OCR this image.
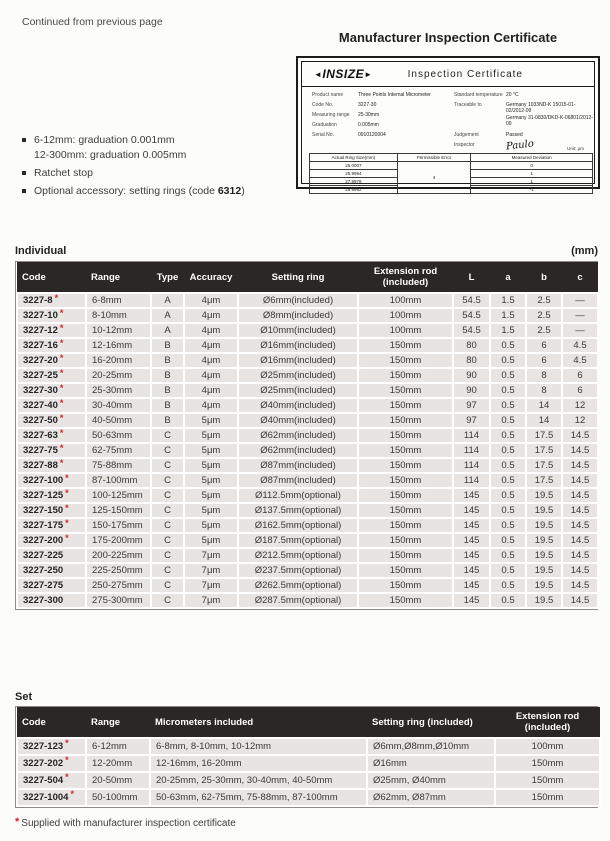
Continued from previous page
Manufacturer Inspection Certificate
◄INSIZE►	Inspection Certificate
Product name	Three Points Internal Micrometer
Code No.	3227-30
Measuring range	25-30mm
Graduation	0.005mm
Serial No.	0910120004
Standard temperature 20 °C
Traceable to	Germany 1033ND-K 15015-01-02/2012-09
Germany 31-0830/DKD-K-06801/2012-09
Judgement	Passed
Inspector	Paulo	Unit: μm
Actual Ring Size(mm)	Permissible Error	Measured Deviation
25.0007	4	0
25.9994		1
27.9978		1
29.9992		-1
6-12mm: graduation 0.001mm
12-300mm: graduation 0.005mm
Ratchet stop
Optional accessory: setting rings (code 6312)
Individual	(mm)
Code	Range	Type	Accuracy	Setting ring	Extension rod
(included)	L	a	b	c

3227-8 *	6-8mm	A	4μm	Ø6mm(included)	100mm	54.5	1.5	2.5	—
3227-10 *	8-10mm	A	4μm	Ø8mm(included)	100mm	54.5	1.5	2.5	—
3227-12 *	10-12mm	A	4μm	Ø10mm(included)	100mm	54.5	1.5	2.5	—
3227-16 *	12-16mm	B	4μm	Ø16mm(included)	150mm	80	0.5	6	4.5
3227-20 *	16-20mm	B	4μm	Ø16mm(included)	150mm	80	0.5	6	4.5
3227-25 *	20-25mm	B	4μm	Ø25mm(included)	150mm	90	0.5	8	6
3227-30 *	25-30mm	B	4μm	Ø25mm(included)	150mm	90	0.5	8	6
3227-40 *	30-40mm	B	4μm	Ø40mm(included)	150mm	97	0.5	14	12
3227-50 *	40-50mm	B	5μm	Ø40mm(included)	150mm	97	0.5	14	12
3227-63 *	50-63mm	C	5μm	Ø62mm(included)	150mm	114	0.5	17.5	14.5
3227-75 *	62-75mm	C	5μm	Ø62mm(included)	150mm	114	0.5	17.5	14.5
3227-88 *	75-88mm	C	5μm	Ø87mm(included)	150mm	114	0.5	17.5	14.5
3227-100 *	87-100mm	C	5μm	Ø87mm(included)	150mm	114	0.5	17.5	14.5
3227-125 *	100-125mm	C	5μm	Ø112.5mm(optional)	150mm	145	0.5	19.5	14.5
3227-150 *	125-150mm	C	5μm	Ø137.5mm(optional)	150mm	145	0.5	19.5	14.5
3227-175 *	150-175mm	C	5μm	Ø162.5mm(optional)	150mm	145	0.5	19.5	14.5
3227-200 *	175-200mm	C	5μm	Ø187.5mm(optional)	150mm	145	0.5	19.5	14.5
3227-225	200-225mm	C	7μm	Ø212.5mm(optional)	150mm	145	0.5	19.5	14.5
3227-250	225-250mm	C	7μm	Ø237.5mm(optional)	150mm	145	0.5	19.5	14.5
3227-275	250-275mm	C	7μm	Ø262.5mm(optional)	150mm	145	0.5	19.5	14.5
3227-300	275-300mm	C	7μm	Ø287.5mm(optional)	150mm	145	0.5	19.5	14.5
Set
Code	Range	Micrometers included	Setting ring (included)	Extension rod
(included)

3227-123 *	6-12mm	6-8mm, 8-10mm, 10-12mm	Ø6mm,Ø8mm,Ø10mm	100mm
3227-202 *	12-20mm	12-16mm, 16-20mm	Ø16mm	150mm
3227-504 *	20-50mm	20-25mm, 25-30mm, 30-40mm, 40-50mm	Ø25mm, Ø40mm	150mm
3227-1004 *	50-100mm	50-63mm, 62-75mm, 75-88mm, 87-100mm	Ø62mm, Ø87mm	150mm
* Supplied with manufacturer inspection certificate
